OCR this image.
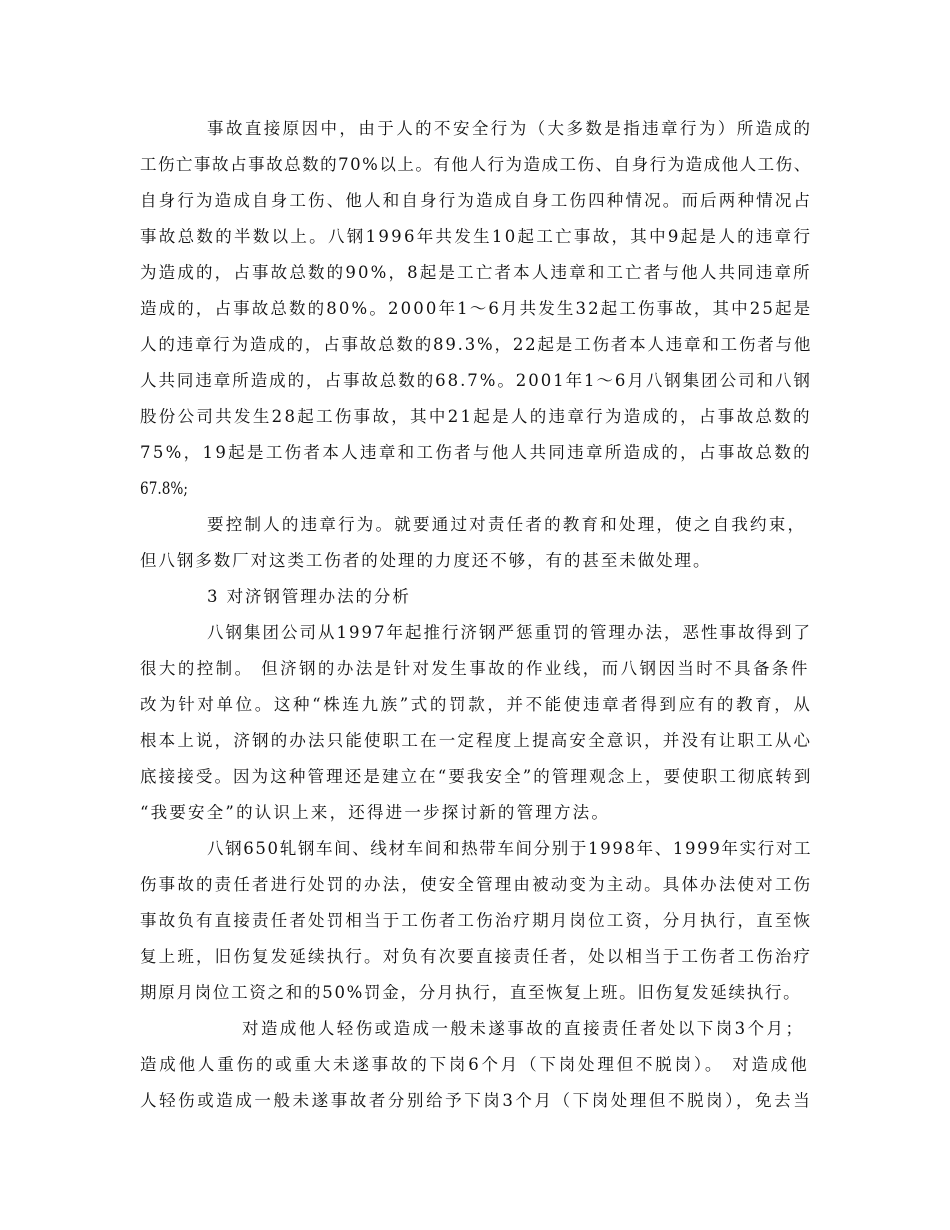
事故直接原因中，由于人的不安全行为（大多数是指违章行为）所造成的
工伤亡事故占事故总数的70%以上。有他人行为造成工伤、自身行为造成他人工伤、
自身行为造成自身工伤、他人和自身行为造成自身工伤四种情况。而后两种情况占
事故总数的半数以上。八钢1996年共发生10起工亡事故，其中9起是人的违章行
为造成的，占事故总数的90%，8起是工亡者本人违章和工亡者与他人共同违章所
造成的，占事故总数的80%。2000年1～6月共发生32起工伤事故，其中25起是
人的违章行为造成的，占事故总数的89.3%，22起是工伤者本人违章和工伤者与他
人共同违章所造成的，占事故总数的68.7%。2001年1～6月八钢集团公司和八钢
股份公司共发生28起工伤事故，其中21起是人的违章行为造成的，占事故总数的
75%，19起是工伤者本人违章和工伤者与他人共同违章所造成的，占事故总数的
67.8%;
要控制人的违章行为。就要通过对责任者的教育和处理，使之自我约束，
但八钢多数厂对这类工伤者的处理的力度还不够，有的甚至未做处理。
3 对济钢管理办法的分析
八钢集团公司从1997年起推行济钢严惩重罚的管理办法，恶性事故得到了
很大的控制。 但济钢的办法是针对发生事故的作业线，而八钢因当时不具备条件
改为针对单位。这种“株连九族”式的罚款，并不能使违章者得到应有的教育，从
根本上说，济钢的办法只能使职工在一定程度上提高安全意识，并没有让职工从心
底接接受。因为这种管理还是建立在“要我安全”的管理观念上，要使职工彻底转到
“我要安全”的认识上来，还得进一步探讨新的管理方法。
八钢650轧钢车间、线材车间和热带车间分别于1998年、1999年实行对工
伤事故的责任者进行处罚的办法，使安全管理由被动变为主动。具体办法使对工伤
事故负有直接责任者处罚相当于工伤者工伤治疗期月岗位工资，分月执行，直至恢
复上班，旧伤复发延续执行。对负有次要直接责任者，处以相当于工伤者工伤治疗
期原月岗位工资之和的50%罚金，分月执行，直至恢复上班。旧伤复发延续执行。
对造成他人轻伤或造成一般未遂事故的直接责任者处以下岗3个月；
造成他人重伤的或重大未遂事故的下岗6个月（下岗处理但不脱岗）。 对造成他
人轻伤或造成一般未遂事故者分别给予下岗3个月（下岗处理但不脱岗），免去当
